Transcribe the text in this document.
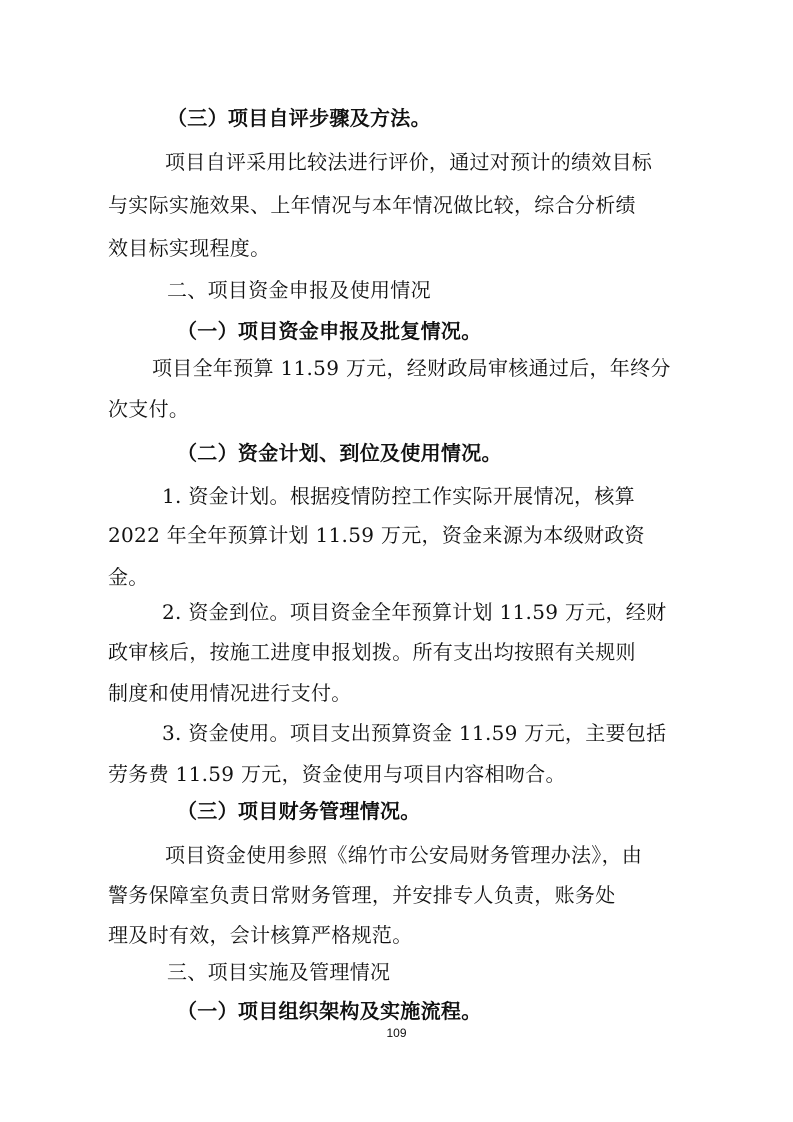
（三）项目自评步骤及方法。
项目自评采用比较法进行评价，通过对预计的绩效目标
与实际实施效果、上年情况与本年情况做比较，综合分析绩
效目标实现程度。
二、项目资金申报及使用情况
（一）项目资金申报及批复情况。
项目全年预算 11.59 万元，经财政局审核通过后，年终分
次支付。
（二）资金计划、到位及使用情况。
1. 资金计划。根据疫情防控工作实际开展情况，核算
2022 年全年预算计划 11.59 万元，资金来源为本级财政资
金。
2. 资金到位。项目资金全年预算计划 11.59 万元，经财
政审核后，按施工进度申报划拨。所有支出均按照有关规则
制度和使用情况进行支付。
3. 资金使用。项目支出预算资金 11.59 万元，主要包括
劳务费 11.59 万元，资金使用与项目内容相吻合。
（三）项目财务管理情况。
项目资金使用参照《绵竹市公安局财务管理办法》，由
警务保障室负责日常财务管理，并安排专人负责，账务处
理及时有效，会计核算严格规范。
三、项目实施及管理情况
（一）项目组织架构及实施流程。
109
